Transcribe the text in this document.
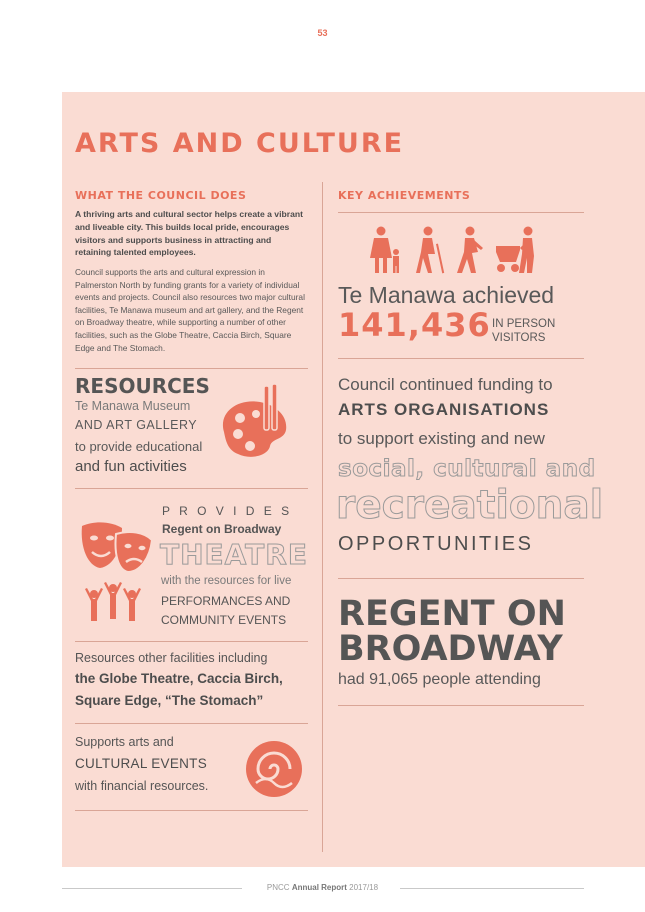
53
ARTS AND CULTURE
WHAT THE COUNCIL DOES
A thriving arts and cultural sector helps create a vibrant and liveable city. This builds local pride, encourages visitors and supports business in attracting and retaining talented employees.
Council supports the arts and cultural expression in Palmerston North by funding grants for a variety of individual events and projects. Council also resources two major cultural facilities, Te Manawa museum and art gallery, and the Regent on Broadway theatre, while supporting a number of other facilities, such as the Globe Theatre, Caccia Birch, Square Edge and The Stomach.
RESOURCES
Te Manawa Museum
AND ART GALLERY
to provide educational
and fun activities
P R O V I D E S
Regent on Broadway
THEATRE
with the resources for live
PERFORMANCES AND
COMMUNITY EVENTS
Resources other facilities including
the Globe Theatre, Caccia Birch,
Square Edge, “The Stomach”
Supports arts and
CULTURAL EVENTS
with financial resources.
KEY ACHIEVEMENTS
Te Manawa achieved
141,436 IN PERSON
VISITORS
Council continued funding to
ARTS ORGANISATIONS
to support existing and new
social, cultural and
recreational
OPPORTUNITIES
REGENT ON
BROADWAY
had 91,065 people attending
PNCC Annual Report 2017/18
